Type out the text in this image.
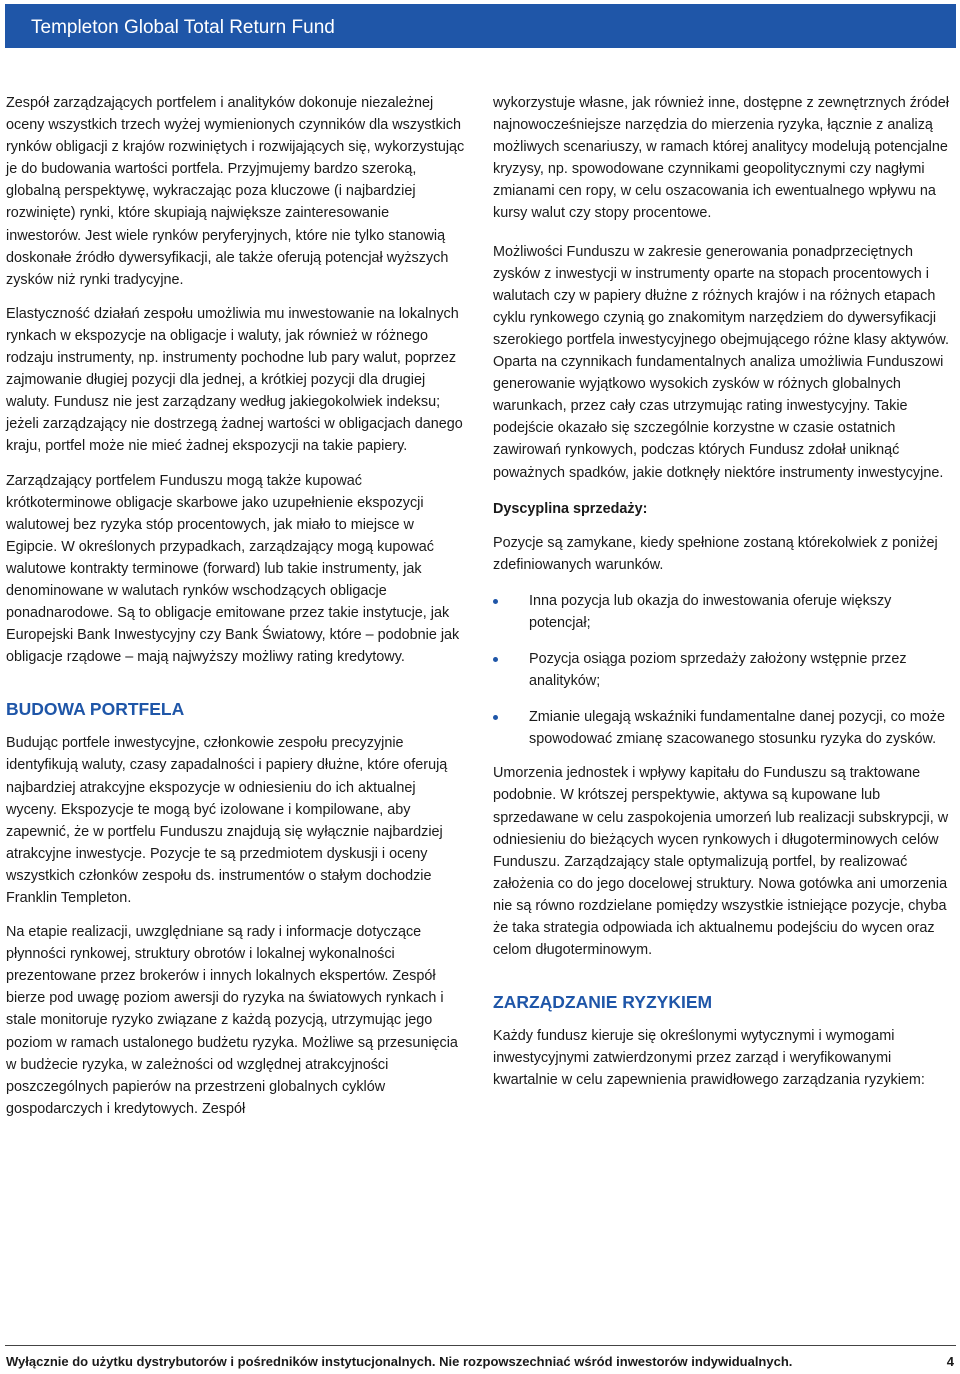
Templeton Global Total Return Fund

Zespół zarządzających portfelem i analityków dokonuje niezależnej oceny wszystkich trzech wyżej wymienionych czynników dla wszystkich rynków obligacji z krajów rozwiniętych i rozwijających się, wykorzystując je do budowania wartości portfela. Przyjmujemy bardzo szeroką, globalną perspektywę, wykraczając poza kluczowe (i najbardziej rozwinięte) rynki, które skupiają największe zainteresowanie inwestorów. Jest wiele rynków peryferyjnych, które nie tylko stanowią doskonałe źródło dywersyfikacji, ale także oferują potencjał wyższych zysków niż rynki tradycyjne.

Elastyczność działań zespołu umożliwia mu inwestowanie na lokalnych rynkach w ekspozycje na obligacje i waluty, jak również w różnego rodzaju instrumenty, np. instrumenty pochodne lub pary walut, poprzez zajmowanie długiej pozycji dla jednej, a krótkiej pozycji dla drugiej waluty. Fundusz nie jest zarządzany według jakiegokolwiek indeksu; jeżeli zarządzający nie dostrzegą żadnej wartości w obligacjach danego kraju, portfel może nie mieć żadnej ekspozycji na takie papiery.

Zarządzający portfelem Funduszu mogą także kupować krótkoterminowe obligacje skarbowe jako uzupełnienie ekspozycji walutowej bez ryzyka stóp procentowych, jak miało to miejsce w Egipcie. W określonych przypadkach, zarządzający mogą kupować walutowe kontrakty terminowe (forward) lub takie instrumenty, jak denominowane w walutach rynków wschodzących obligacje ponadnarodowe. Są to obligacje emitowane przez takie instytucje, jak Europejski Bank Inwestycyjny czy Bank Światowy, które – podobnie jak obligacje rządowe – mają najwyższy możliwy rating kredytowy.

BUDOWA PORTFELA

Budując portfele inwestycyjne, członkowie zespołu precyzyjnie identyfikują waluty, czasy zapadalności i papiery dłużne, które oferują najbardziej atrakcyjne ekspozycje w odniesieniu do ich aktualnej wyceny. Ekspozycje te mogą być izolowane i kompilowane, aby zapewnić, że w portfelu Funduszu znajdują się wyłącznie najbardziej atrakcyjne inwestycje. Pozycje te są przedmiotem dyskusji i oceny wszystkich członków zespołu ds. instrumentów o stałym dochodzie Franklin Templeton.

Na etapie realizacji, uwzględniane są rady i informacje dotyczące płynności rynkowej, struktury obrotów i lokalnej wykonalności prezentowane przez brokerów i innych lokalnych ekspertów. Zespół bierze pod uwagę poziom awersji do ryzyka na światowych rynkach i stale monitoruje ryzyko związane z każdą pozycją, utrzymując jego poziom w ramach ustalonego budżetu ryzyka. Możliwe są przesunięcia w budżecie ryzyka, w zależności od względnej atrakcyjności poszczególnych papierów na przestrzeni globalnych cyklów gospodarczych i kredytowych. Zespół

wykorzystuje własne, jak również inne, dostępne z zewnętrznych źródeł najnowocześniejsze narzędzia do mierzenia ryzyka, łącznie z analizą możliwych scenariuszy, w ramach której analitycy modelują potencjalne kryzysy, np. spowodowane czynnikami geopolitycznymi czy nagłymi zmianami cen ropy, w celu oszacowania ich ewentualnego wpływu na kursy walut czy stopy procentowe.

Możliwości Funduszu w zakresie generowania ponadprzeciętnych zysków z inwestycji w instrumenty oparte na stopach procentowych i walutach czy w papiery dłużne z różnych krajów i na różnych etapach cyklu rynkowego czynią go znakomitym narzędziem do dywersyfikacji szerokiego portfela inwestycyjnego obejmującego różne klasy aktywów. Oparta na czynnikach fundamentalnych analiza umożliwia Funduszowi generowanie wyjątkowo wysokich zysków w różnych globalnych warunkach, przez cały czas utrzymując rating inwestycyjny. Takie podejście okazało się szczególnie korzystne w czasie ostatnich zawirowań rynkowych, podczas których Fundusz zdołał uniknąć poważnych spadków, jakie dotknęły niektóre instrumenty inwestycyjne.

Dyscyplina sprzedaży:

Pozycje są zamykane, kiedy spełnione zostaną którekolwiek z poniżej zdefiniowanych warunków.

Inna pozycja lub okazja do inwestowania oferuje większy potencjał;
Pozycja osiąga poziom sprzedaży założony wstępnie przez analityków;
Zmianie ulegają wskaźniki fundamentalne danej pozycji, co może spowodować zmianę szacowanego stosunku ryzyka do zysków.

Umorzenia jednostek i wpływy kapitału do Funduszu są traktowane podobnie. W krótszej perspektywie, aktywa są kupowane lub sprzedawane w celu zaspokojenia umorzeń lub realizacji subskrypcji, w odniesieniu do bieżących wycen rynkowych i długoterminowych celów Funduszu. Zarządzający stale optymalizują portfel, by realizować założenia co do jego docelowej struktury. Nowa gotówka ani umorzenia nie są równo rozdzielane pomiędzy wszystkie istniejące pozycje, chyba że taka strategia odpowiada ich aktualnemu podejściu do wycen oraz celom długoterminowym.

ZARZĄDZANIE RYZYKIEM

Każdy fundusz kieruje się określonymi wytycznymi i wymogami inwestycyjnymi zatwierdzonymi przez zarząd i weryfikowanymi kwartalnie w celu zapewnienia prawidłowego zarządzania ryzykiem:

Wyłącznie do użytku dystrybutorów i pośredników instytucjonalnych. Nie rozpowszechniać wśród inwestorów indywidualnych.	4
